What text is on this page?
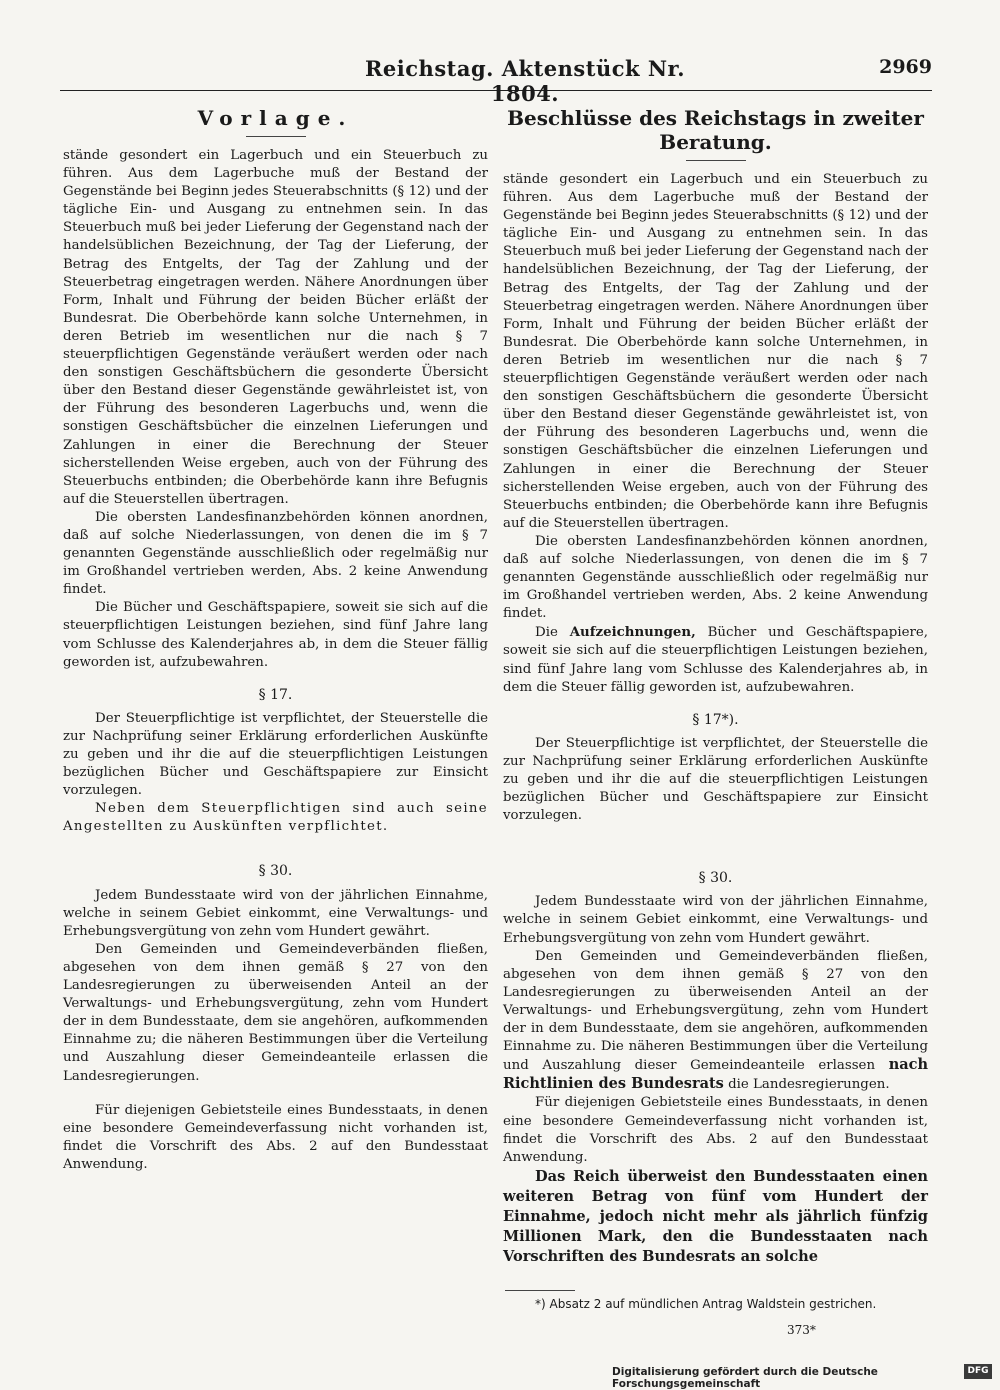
Reichstag. Aktenstück Nr. 1804.
2969
Vorlage.

stände gesondert ein Lagerbuch und ein Steuerbuch zu führen. Aus dem Lagerbuche muß der Bestand der Gegenstände bei Beginn jedes Steuerabschnitts (§ 12) und der tägliche Ein- und Ausgang zu entnehmen sein. In das Steuerbuch muß bei jeder Lieferung der Gegenstand nach der handelsüblichen Bezeichnung, der Tag der Lieferung, der Betrag des Entgelts, der Tag der Zahlung und der Steuerbetrag eingetragen werden. Nähere Anordnungen über Form, Inhalt und Führung der beiden Bücher erläßt der Bundesrat. Die Oberbehörde kann solche Unternehmen, in deren Betrieb im wesentlichen nur die nach § 7 steuerpflichtigen Gegenstände veräußert werden oder nach den sonstigen Geschäftsbüchern die gesonderte Übersicht über den Bestand dieser Gegenstände gewährleistet ist, von der Führung des besonderen Lagerbuchs und, wenn die sonstigen Geschäftsbücher die einzelnen Lieferungen und Zahlungen in einer die Berechnung der Steuer sicherstellenden Weise ergeben, auch von der Führung des Steuerbuchs entbinden; die Oberbehörde kann ihre Befugnis auf die Steuerstellen übertragen.

Die obersten Landesfinanzbehörden können anordnen, daß auf solche Niederlassungen, von denen die im § 7 genannten Gegenstände ausschließlich oder regelmäßig nur im Großhandel vertrieben werden, Abs. 2 keine Anwendung findet.

Die Bücher und Geschäftspapiere, soweit sie sich auf die steuerpflichtigen Leistungen beziehen, sind fünf Jahre lang vom Schlusse des Kalenderjahres ab, in dem die Steuer fällig geworden ist, aufzubewahren.

§ 17.

Der Steuerpflichtige ist verpflichtet, der Steuerstelle die zur Nachprüfung seiner Erklärung erforderlichen Auskünfte zu geben und ihr die auf die steuerpflichtigen Leistungen bezüglichen Bücher und Geschäftspapiere zur Einsicht vorzulegen.

Neben dem Steuerpflichtigen sind auch seine Angestellten zu Auskünften verpflichtet.

§ 30.

Jedem Bundesstaate wird von der jährlichen Einnahme, welche in seinem Gebiet einkommt, eine Verwaltungs- und Erhebungsvergütung von zehn vom Hundert gewährt.

Den Gemeinden und Gemeindeverbänden fließen, abgesehen von dem ihnen gemäß § 27 von den Landesregierungen zu überweisenden Anteil an der Verwaltungs- und Erhebungsvergütung, zehn vom Hundert der in dem Bundesstaate, dem sie angehören, aufkommenden Einnahme zu; die näheren Bestimmungen über die Verteilung und Auszahlung dieser Gemeindeanteile erlassen die Landesregierungen.

Für diejenigen Gebietsteile eines Bundesstaats, in denen eine besondere Gemeindeverfassung nicht vorhanden ist, findet die Vorschrift des Abs. 2 auf den Bundesstaat Anwendung.

Beschlüsse des Reichstags in zweiter Beratung.

stände gesondert ein Lagerbuch und ein Steuerbuch zu führen. Aus dem Lagerbuche muß der Bestand der Gegenstände bei Beginn jedes Steuerabschnitts (§ 12) und der tägliche Ein- und Ausgang zu entnehmen sein. In das Steuerbuch muß bei jeder Lieferung der Gegenstand nach der handelsüblichen Bezeichnung, der Tag der Lieferung, der Betrag des Entgelts, der Tag der Zahlung und der Steuerbetrag eingetragen werden. Nähere Anordnungen über Form, Inhalt und Führung der beiden Bücher erläßt der Bundesrat. Die Oberbehörde kann solche Unternehmen, in deren Betrieb im wesentlichen nur die nach § 7 steuerpflichtigen Gegenstände veräußert werden oder nach den sonstigen Geschäftsbüchern die gesonderte Übersicht über den Bestand dieser Gegenstände gewährleistet ist, von der Führung des besonderen Lagerbuchs und, wenn die sonstigen Geschäftsbücher die einzelnen Lieferungen und Zahlungen in einer die Berechnung der Steuer sicherstellenden Weise ergeben, auch von der Führung des Steuerbuchs entbinden; die Oberbehörde kann ihre Befugnis auf die Steuerstellen übertragen.

Die obersten Landesfinanzbehörden können anordnen, daß auf solche Niederlassungen, von denen die im § 7 genannten Gegenstände ausschließlich oder regelmäßig nur im Großhandel vertrieben werden, Abs. 2 keine Anwendung findet.

Die Aufzeichnungen, Bücher und Geschäftspapiere, soweit sie sich auf die steuerpflichtigen Leistungen beziehen, sind fünf Jahre lang vom Schlusse des Kalenderjahres ab, in dem die Steuer fällig geworden ist, aufzubewahren.

§ 17*).

Der Steuerpflichtige ist verpflichtet, der Steuerstelle die zur Nachprüfung seiner Erklärung erforderlichen Auskünfte zu geben und ihr die auf die steuerpflichtigen Leistungen bezüglichen Bücher und Geschäftspapiere zur Einsicht vorzulegen.

§ 30.

Jedem Bundesstaate wird von der jährlichen Einnahme, welche in seinem Gebiet einkommt, eine Verwaltungs- und Erhebungsvergütung von zehn vom Hundert gewährt.

Den Gemeinden und Gemeindeverbänden fließen, abgesehen von dem ihnen gemäß § 27 von den Landesregierungen zu überweisenden Anteil an der Verwaltungs- und Erhebungsvergütung, zehn vom Hundert der in dem Bundesstaate, dem sie angehören, aufkommenden Einnahme zu. Die näheren Bestimmungen über die Verteilung und Auszahlung dieser Gemeindeanteile erlassen nach Richtlinien des Bundesrats die Landesregierungen.

Für diejenigen Gebietsteile eines Bundesstaats, in denen eine besondere Gemeindeverfassung nicht vorhanden ist, findet die Vorschrift des Abs. 2 auf den Bundesstaat Anwendung.

Das Reich überweist den Bundesstaaten einen weiteren Betrag von fünf vom Hundert der Einnahme, jedoch nicht mehr als jährlich fünfzig Millionen Mark, den die Bundesstaaten nach Vorschriften des Bundesrats an solche

*) Absatz 2 auf mündlichen Antrag Waldstein gestrichen.
373*
Digitalisierung gefördert durch die Deutsche Forschungsgemeinschaft
DFG
